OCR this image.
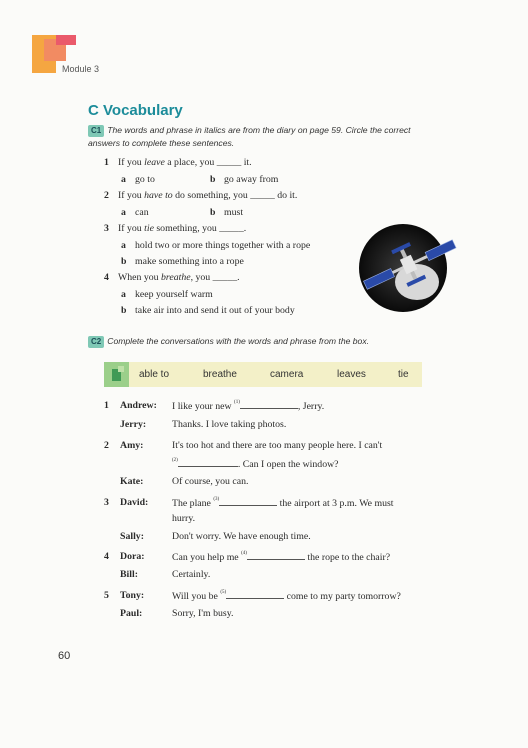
Module 3
C Vocabulary
C1 The words and phrase in italics are from the diary on page 59. Circle the correct
answers to complete these sentences.
1 If you leave a place, you _____ it.
a go to	b go away from
2 If you have to do something, you _____ do it.
a can	b must
3 If you tie something, you _____.
a hold two or more things together with a rope
b make something into a rope
4 When you breathe, you _____.
a keep yourself warm
b take air into and send it out of your body
C2 Complete the conversations with the words and phrase from the box.
able to	breathe	camera	leaves	tie
1 Andrew: I like your new $^{(1)}$	, Jerry.
Jerry:	Thanks. I love taking photos.
2 Amy:	It's too hot and there are too many people here. I can't
$^{(2)}$	. Can I open the window?
Kate:	Of course, you can.
3 David: The plane $^{(3)}$	the airport at 3 p.m. We must
hurry.
Sally:	Don't worry. We have enough time.
4 Dora:	Can you help me $^{(4)}$	the rope to the chair?
Bill:	Certainly.
5 Tony:	Will you be $^{(5)}$	come to my party tomorrow?
Paul:	Sorry, I'm busy.
60
